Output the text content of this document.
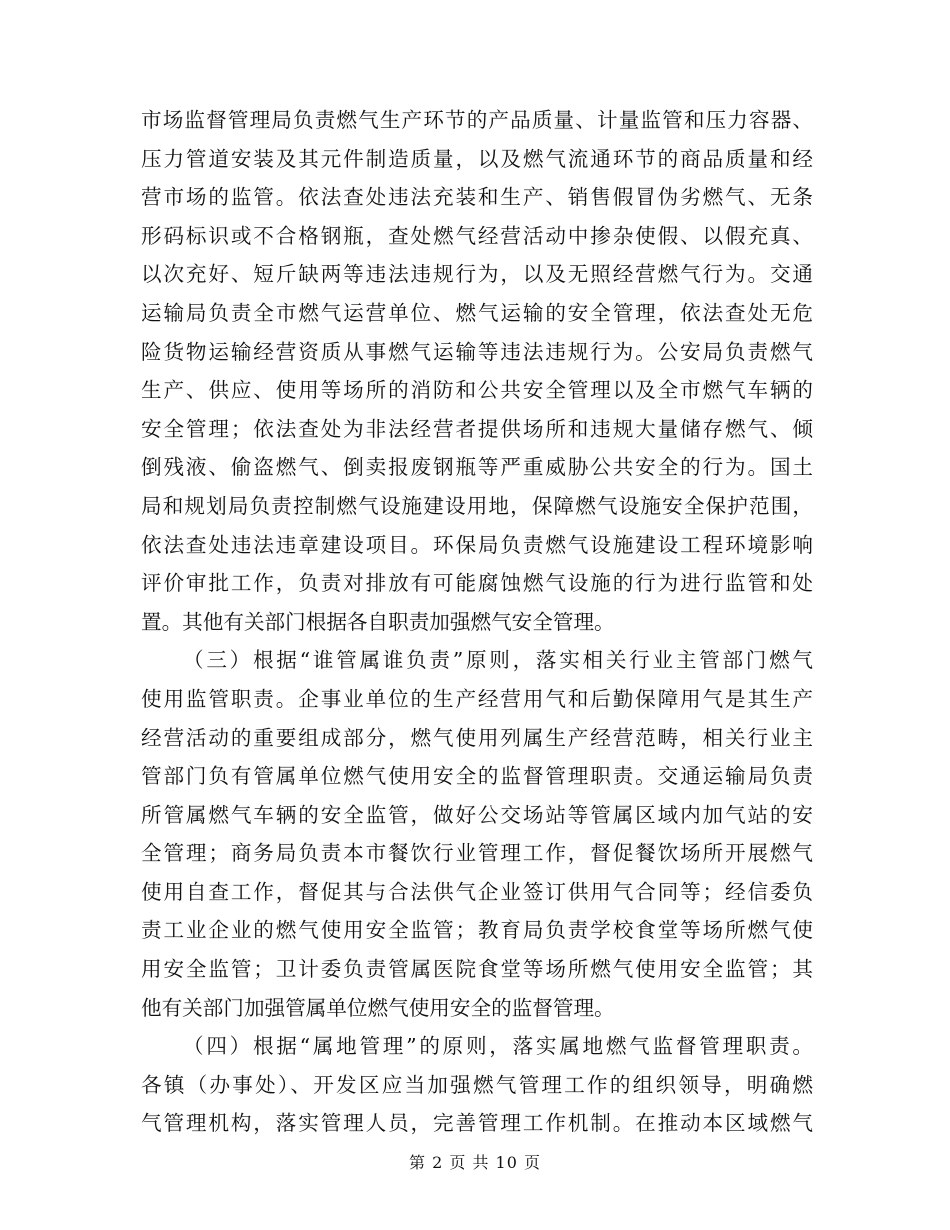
市场监督管理局负责燃气生产环节的产品质量、计量监管和压力容器、
压力管道安装及其元件制造质量，以及燃气流通环节的商品质量和经
营市场的监管。依法查处违法充装和生产、销售假冒伪劣燃气、无条
形码标识或不合格钢瓶，查处燃气经营活动中掺杂使假、以假充真、
以次充好、短斤缺两等违法违规行为，以及无照经营燃气行为。交通
运输局负责全市燃气运营单位、燃气运输的安全管理，依法查处无危
险货物运输经营资质从事燃气运输等违法违规行为。公安局负责燃气
生产、供应、使用等场所的消防和公共安全管理以及全市燃气车辆的
安全管理；依法查处为非法经营者提供场所和违规大量储存燃气、倾
倒残液、偷盗燃气、倒卖报废钢瓶等严重威胁公共安全的行为。国土
局和规划局负责控制燃气设施建设用地，保障燃气设施安全保护范围，
依法查处违法违章建设项目。环保局负责燃气设施建设工程环境影响
评价审批工作，负责对排放有可能腐蚀燃气设施的行为进行监管和处
置。其他有关部门根据各自职责加强燃气安全管理。
（三）根据“谁管属谁负责”原则，落实相关行业主管部门燃气
使用监管职责。企事业单位的生产经营用气和后勤保障用气是其生产
经营活动的重要组成部分，燃气使用列属生产经营范畴，相关行业主
管部门负有管属单位燃气使用安全的监督管理职责。交通运输局负责
所管属燃气车辆的安全监管，做好公交场站等管属区域内加气站的安
全管理；商务局负责本市餐饮行业管理工作，督促餐饮场所开展燃气
使用自查工作，督促其与合法供气企业签订供用气合同等；经信委负
责工业企业的燃气使用安全监管；教育局负责学校食堂等场所燃气使
用安全监管；卫计委负责管属医院食堂等场所燃气使用安全监管；其
他有关部门加强管属单位燃气使用安全的监督管理。
（四）根据“属地管理”的原则，落实属地燃气监督管理职责。
各镇（办事处）、开发区应当加强燃气管理工作的组织领导，明确燃
气管理机构，落实管理人员，完善管理工作机制。在推动本区域燃气
第 2 页 共 10 页
